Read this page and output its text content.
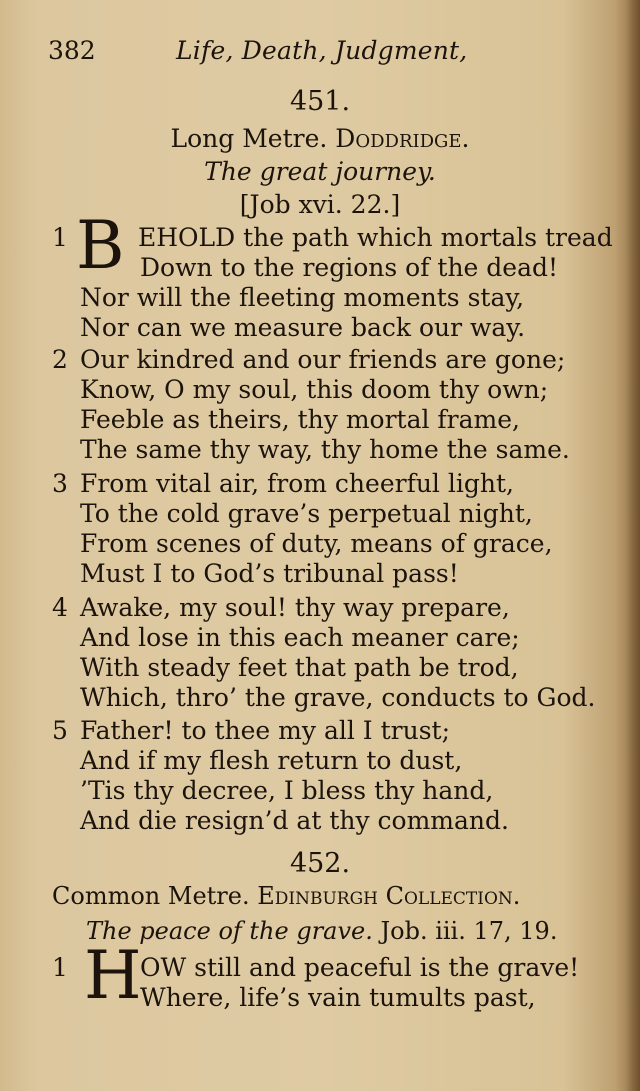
382	Life, Death, Judgment,
451.
Long Metre. Doddridge.
The great journey.
[Job xvi. 22.]
1 B EHOLD the path which mortals tread
Down to the regions of the dead!
Nor will the fleeting moments stay,
Nor can we measure back our way.
2 Our kindred and our friends are gone;
Know, O my soul, this doom thy own;
Feeble as theirs, thy mortal frame,
The same thy way, thy home the same.
3 From vital air, from cheerful light,
To the cold grave’s perpetual night,
From scenes of duty, means of grace,
Must I to God’s tribunal pass!
4 Awake, my soul! thy way prepare,
And lose in this each meaner care;
With steady feet that path be trod,
Which, thro’ the grave, conducts to God.
5 Father! to thee my all I trust;
And if my flesh return to dust,
’Tis thy decree, I bless thy hand,
And die resign’d at thy command.
452.
Common Metre. Edinburgh Collection.
The peace of the grave. Job. iii. 17, 19.
1 H
OW still and peaceful is the grave!
Where, life’s vain tumults past,
